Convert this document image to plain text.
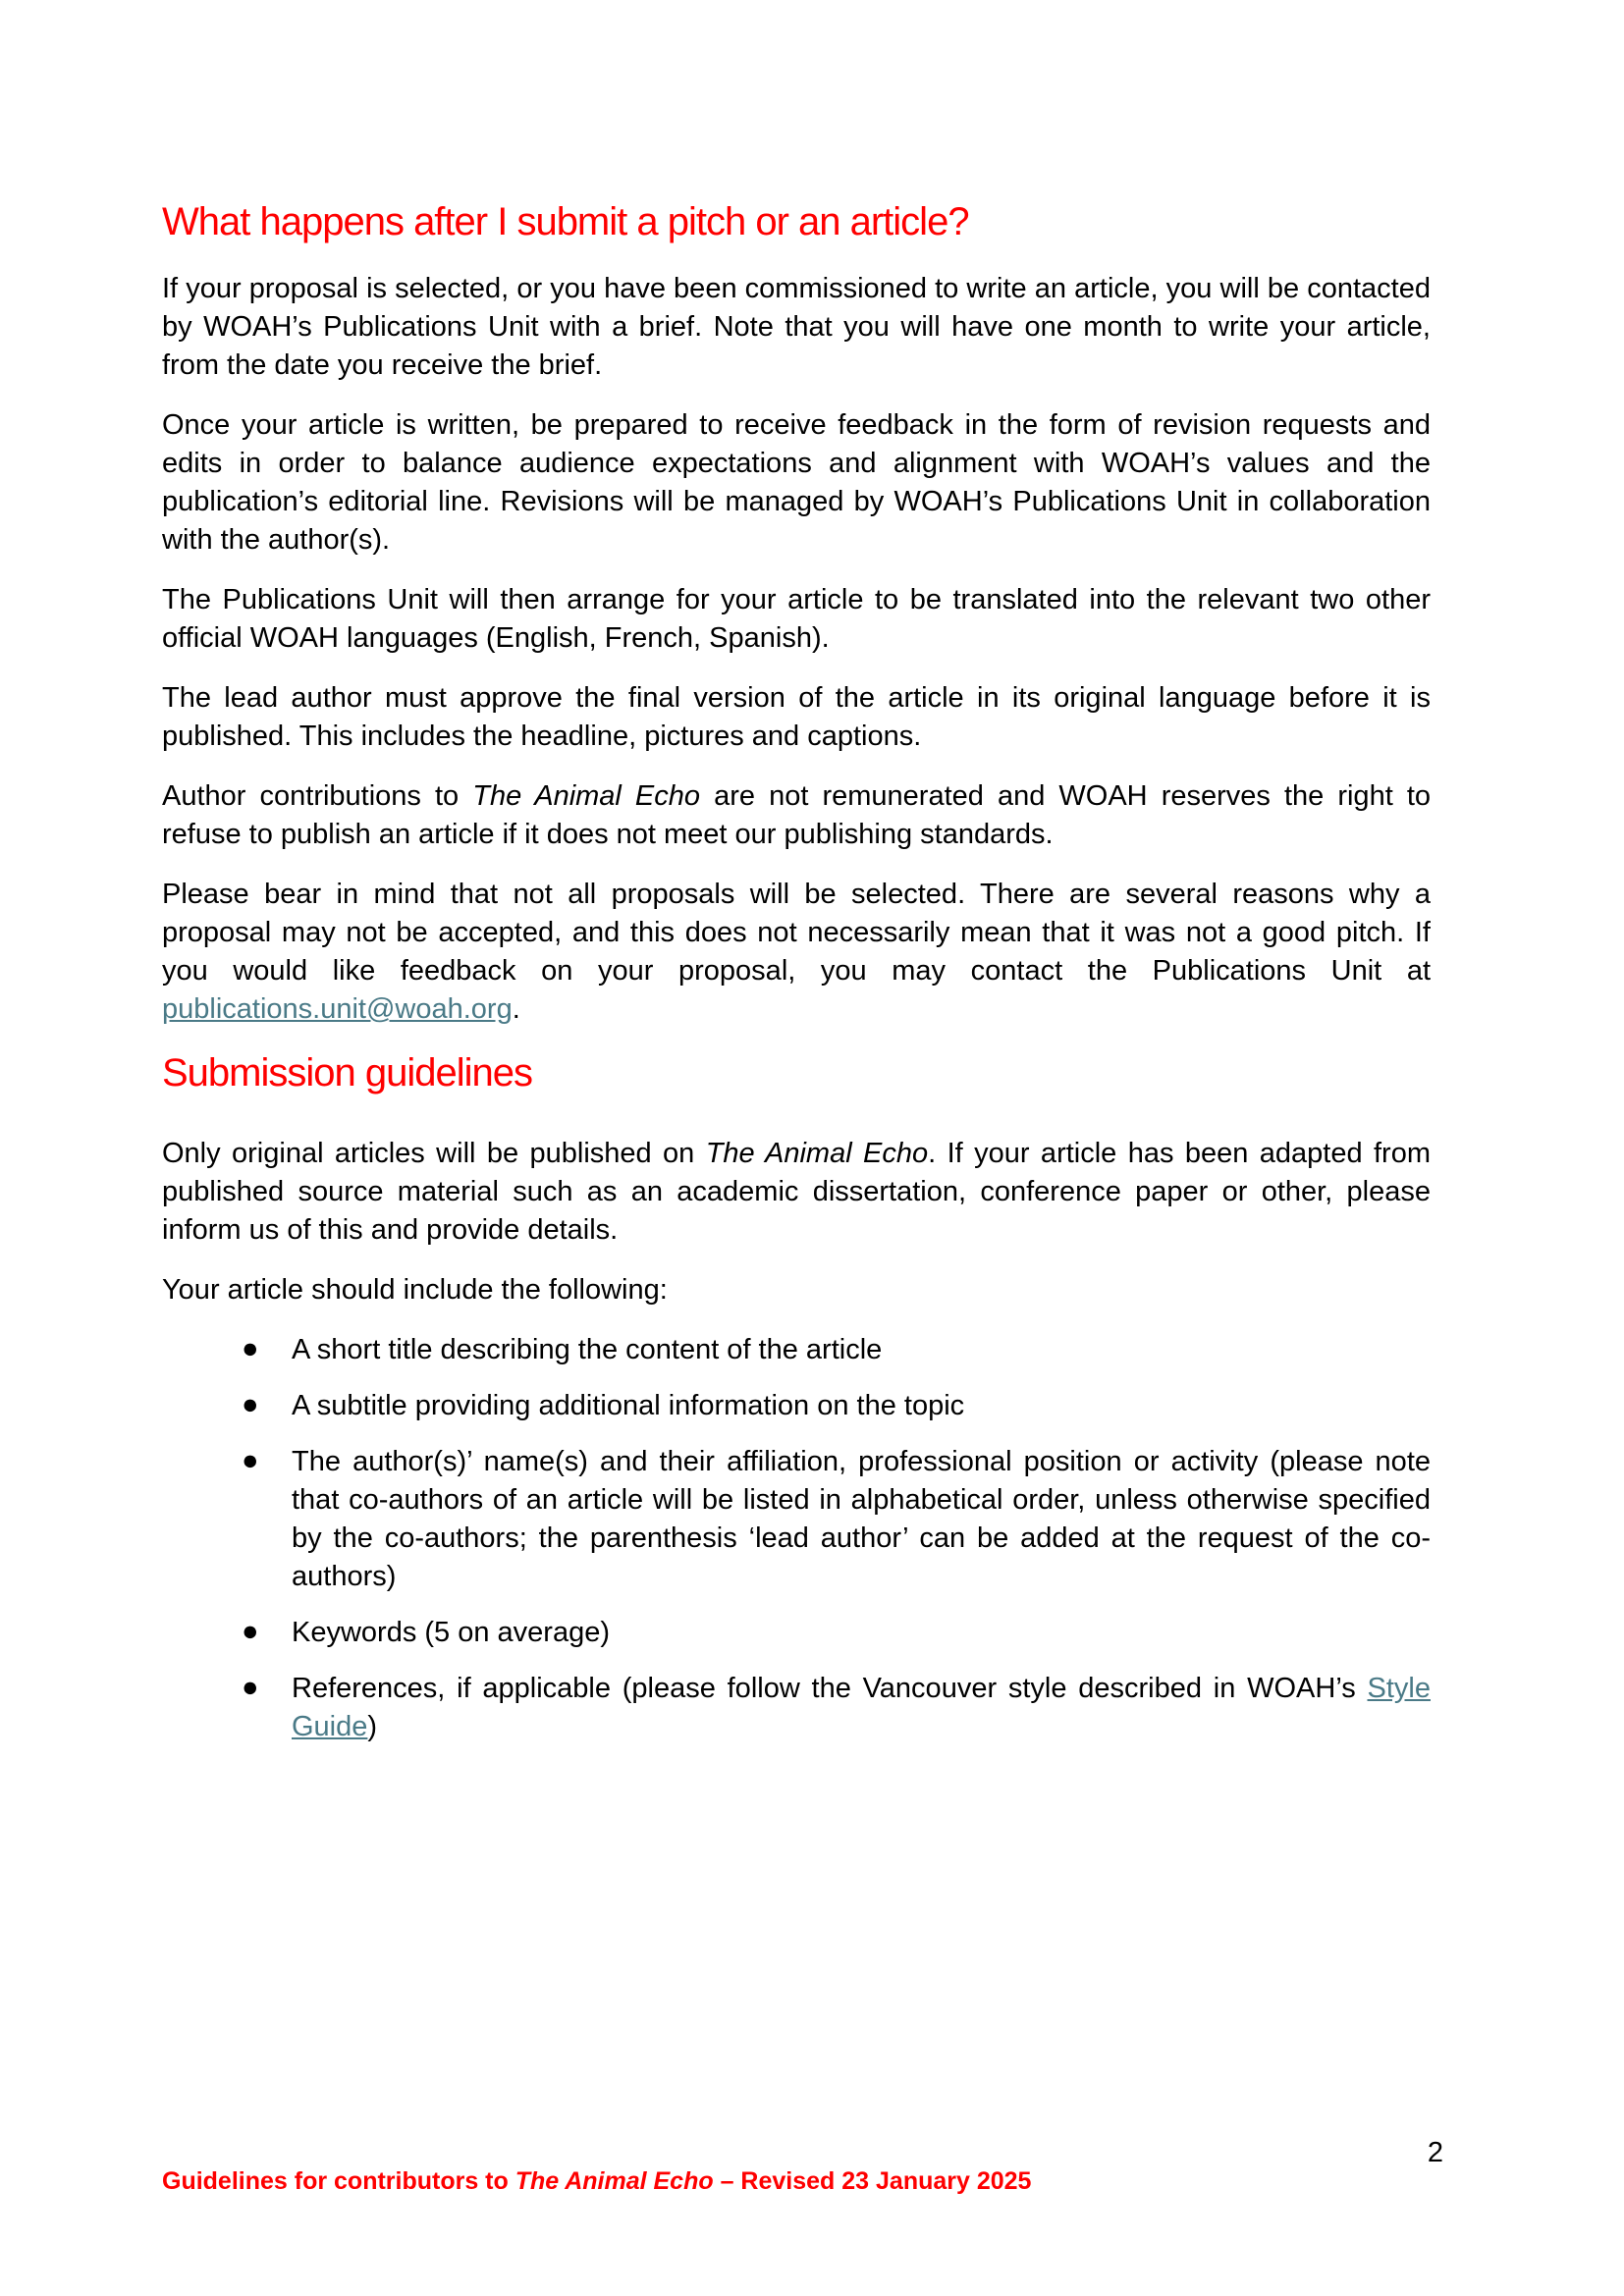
What happens after I submit a pitch or an article?

If your proposal is selected, or you have been commissioned to write an article, you will be contacted by WOAH’s Publications Unit with a brief. Note that you will have one month to write your article, from the date you receive the brief.

Once your article is written, be prepared to receive feedback in the form of revision requests and edits in order to balance audience expectations and alignment with WOAH’s values and the publication’s editorial line. Revisions will be managed by WOAH’s Publications Unit in collaboration with the author(s).

The Publications Unit will then arrange for your article to be translated into the relevant two other official WOAH languages (English, French, Spanish).

The lead author must approve the final version of the article in its original language before it is published. This includes the headline, pictures and captions.

Author contributions to The Animal Echo are not remunerated and WOAH reserves the right to refuse to publish an article if it does not meet our publishing standards.

Please bear in mind that not all proposals will be selected. There are several reasons why a proposal may not be accepted, and this does not necessarily mean that it was not a good pitch. If you would like feedback on your proposal, you may contact the Publications Unit at publications.unit@woah.org.

Submission guidelines

Only original articles will be published on The Animal Echo. If your article has been adapted from published source material such as an academic dissertation, conference paper or other, please inform us of this and provide details.

Your article should include the following:

● A short title describing the content of the article
● A subtitle providing additional information on the topic
● The author(s)’ name(s) and their affiliation, professional position or activity (please note that co-authors of an article will be listed in alphabetical order, unless otherwise specified by the co-authors; the parenthesis ‘lead author’ can be added at the request of the co-authors)
● Keywords (5 on average)
● References, if applicable (please follow the Vancouver style described in WOAH’s Style Guide)
2
Guidelines for contributors to The Animal Echo – Revised 23 January 2025
